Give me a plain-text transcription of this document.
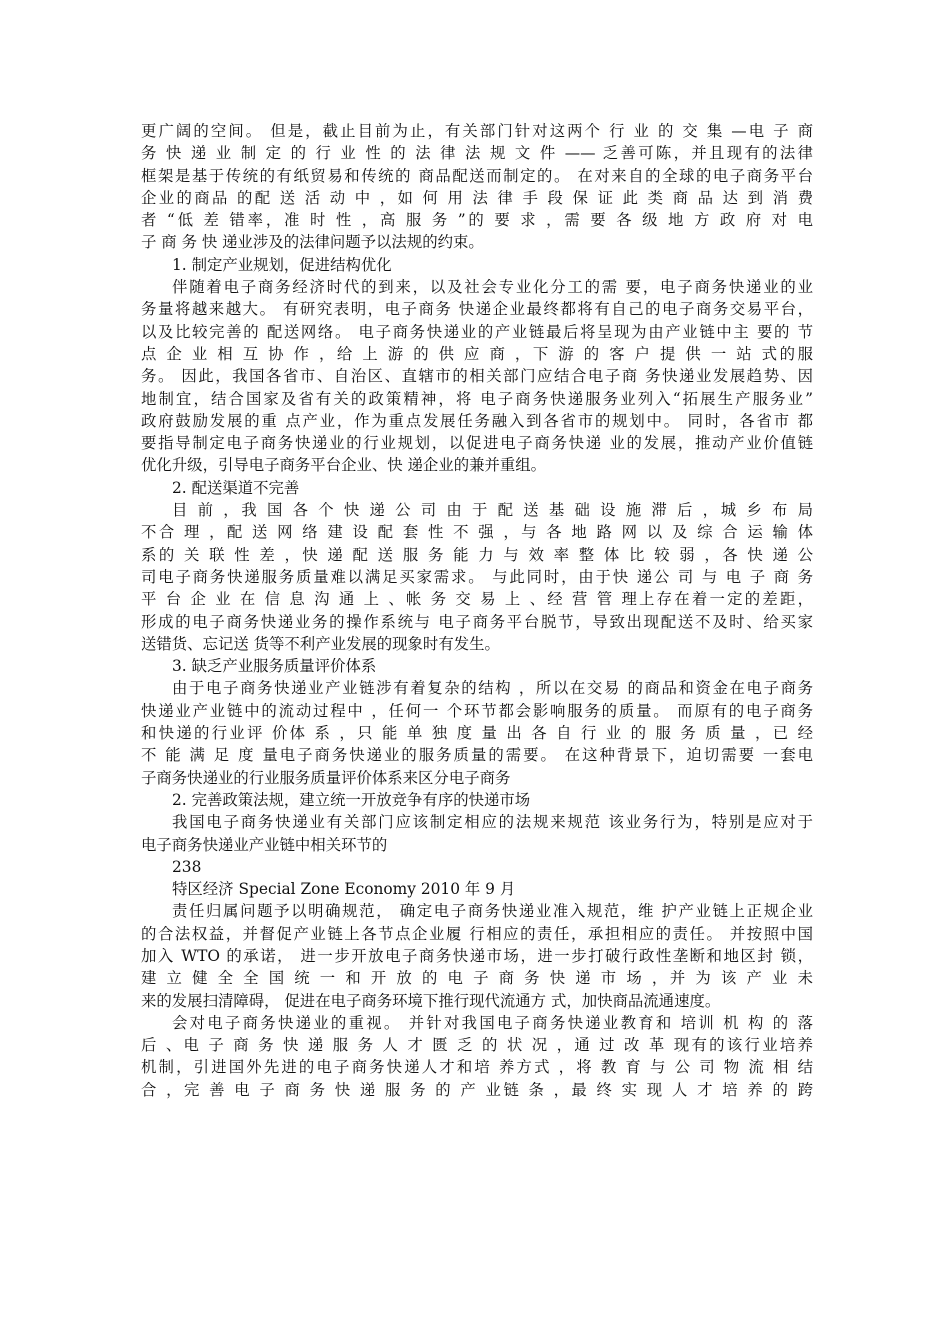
更广阔的空间。 但是，截止目前为止，有关部门针对这两个 行 业 的 交 集 —电 子 商
务 快 递 业 制 定 的 行 业 性 的 法 律 法 规 文 件 —— 乏善可陈，并且现有的法律
框架是基于传统的有纸贸易和传统的 商品配送而制定的。 在对来自的全球的电子商务平台
企业的商品 的配 送 活 动 中 ，如 何 用 法 律 手 段 保 证 此 类 商 品 达 到 消 费
者 “低 差 错率，准 时 性 ，高 服 务 ”的 要 求 ，需 要 各 级 地 方 政 府 对 电
子 商 务 快 递业涉及的法律问题予以法规的约束。
1. 制定产业规划，促进结构优化
伴随着电子商务经济时代的到来，以及社会专业化分工的需 要，电子商务快递业的业
务量将越来越大。 有研究表明，电子商务 快递企业最终都将有自己的电子商务交易平台，
以及比较完善的 配送网络。 电子商务快递业的产业链最后将呈现为由产业链中主 要的 节
点 企 业 相 互 协 作 ，给 上 游 的 供 应 商 ，下 游 的 客 户 提 供 一 站 式的服
务。 因此，我国各省市、自治区、直辖市的相关部门应结合电子商 务快递业发展趋势、因
地制宜，结合国家及省有关的政策精神，将 电子商务快递服务业列入“拓展生产服务业”
政府鼓励发展的重 点产业，作为重点发展任务融入到各省市的规划中。 同时，各省市 都
要指导制定电子商务快递业的行业规划，以促进电子商务快递 业的发展，推动产业价值链
优化升级，引导电子商务平台企业、快 递企业的兼并重组。
2. 配送渠道不完善
目 前 ，我 国 各 个 快 递 公 司 由 于 配 送 基 础 设 施 滞 后 ，城 乡 布 局
不合 理 ，配 送 网 络 建 设 配 套 性 不 强 ，与 各 地 路 网 以 及 综 合 运 输 体
系的 关 联 性 差 ，快 递 配 送 服 务 能 力 与 效 率 整 体 比 较 弱 ，各 快 递 公
司电子商务快递服务质量难以满足买家需求。 与此同时，由于快 递公 司 与 电 子 商 务
平 台 企 业 在 信 息 沟 通 上 、帐 务 交 易 上 、经 营 管 理上存在着一定的差距，
形成的电子商务快递业务的操作系统与 电子商务平台脱节，导致出现配送不及时、给买家
送错货、忘记送 货等不利产业发展的现象时有发生。
3. 缺乏产业服务质量评价体系
由于电子商务快递业产业链涉有着复杂的结构 ，所以在交易 的商品和资金在电子商务
快递业产业链中的流动过程中 ，任何一 个环节都会影响服务的质量。 而原有的电子商务
和快递的行业评 价体 系 ，只 能 单 独 度 量 出 各 自 行 业 的 服 务 质 量 ，已 经
不 能 满 足 度 量电子商务快递业的服务质量的需要。 在这种背景下，迫切需要 一套电
子商务快递业的行业服务质量评价体系来区分电子商务
2. 完善政策法规，建立统一开放竞争有序的快递市场
我国电子商务快递业有关部门应该制定相应的法规来规范 该业务行为，特别是应对于
电子商务快递业产业链中相关环节的
238
特区经济 Special Zone Economy 2010 年 9 月
责任归属问题予以明确规范， 确定电子商务快递业准入规范，维 护产业链上正规企业
的合法权益，并督促产业链上各节点企业履 行相应的责任，承担相应的责任。 并按照中国
加入 WTO 的承诺， 进一步开放电子商务快递市场，进一步打破行政性垄断和地区封 锁，
建 立 健 全 全 国 统 一 和 开 放 的 电 子 商 务 快 递 市 场 ，并 为 该 产 业 未
来的发展扫清障碍， 促进在电子商务环境下推行现代流通方 式，加快商品流通速度。
会对电子商务快递业的重视。 并针对我国电子商务快递业教育和 培训 机 构 的 落
后 、电 子 商 务 快 递 服 务 人 才 匮 乏 的 状 况 ，通 过 改 革 现有的该行业培养
机制，引进国外先进的电子商务快递人才和培 养方式 ，将 教 育 与 公 司 物 流 相 结
合 ，完 善 电 子 商 务 快 递 服 务 的 产 业链 条 ，最 终 实 现 人 才 培 养 的 跨
